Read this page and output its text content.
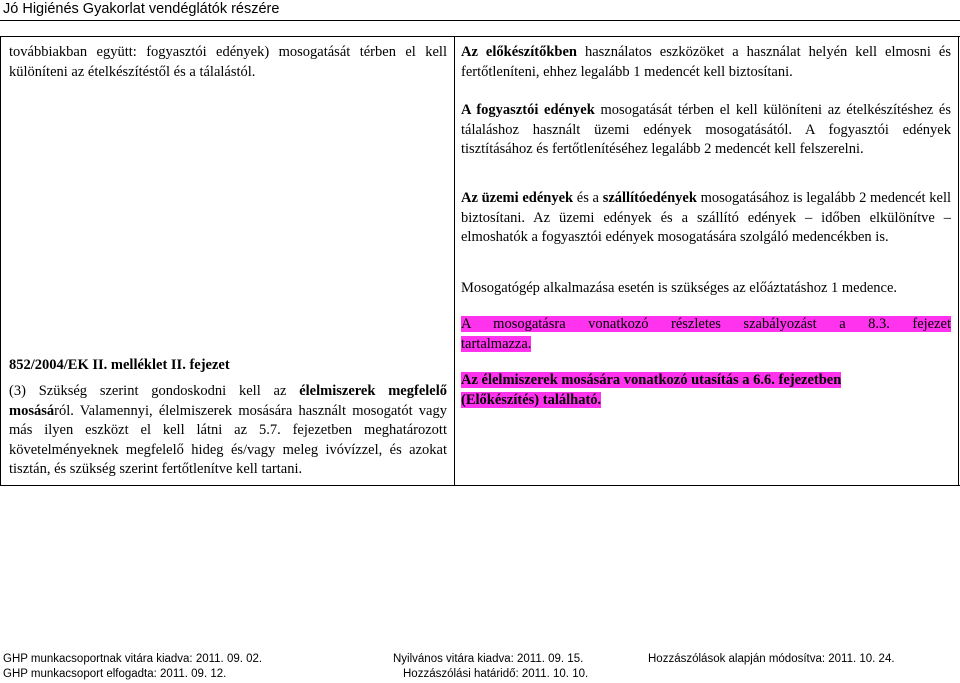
Jó Higiénés Gyakorlat vendéglátók részére
továbbiakban együtt: fogyasztói edények) mosogatását térben el kell különíteni az ételkészítéstől és a tálalástól.
852/2004/EK II. melléklet II. fejezet
(3) Szükség szerint gondoskodni kell az élelmiszerek megfelelő mosásáról. Valamennyi, élelmiszerek mosására használt mosogatót vagy más ilyen eszközt el kell látni az 5.7. fejezetben meghatározott követelményeknek megfelelő hideg és/vagy meleg ivóvízzel, és azokat tisztán, és szükség szerint fertőtlenítve kell tartani.
Az előkészítőkben használatos eszközöket a használat helyén kell elmosni és fertőtleníteni, ehhez legalább 1 medencét kell biztosítani.
A fogyasztói edények mosogatását térben el kell különíteni az ételkészítéshez és tálaláshoz használt üzemi edények mosogatásától. A fogyasztói edények tisztításához és fertőtlenítéséhez legalább 2 medencét kell felszerelni.
Az üzemi edények és a szállítóedények mosogatásához is legalább 2 medencét kell biztosítani. Az üzemi edények és a szállító edények – időben elkülönítve – elmoshatók a fogyasztói edények mosogatására szolgáló medencékben is.
Mosogatógép alkalmazása esetén is szükséges az előáztatáshoz 1 medence.
A mosogatásra vonatkozó részletes szabályozást a 8.3. fejezet
tartalmazza.
Az élelmiszerek mosására vonatkozó utasítás a 6.6. fejezetben
(Előkészítés) található.
GHP munkacsoportnak vitára kiadva: 2011. 09. 02.
GHP munkacsoport elfogadta: 2011. 09. 12.
Nyilvános vitára kiadva: 2011. 09. 15.
Hozzászólási határidő: 2011. 10. 10.
Hozzászólások alapján módosítva: 2011. 10. 24.
